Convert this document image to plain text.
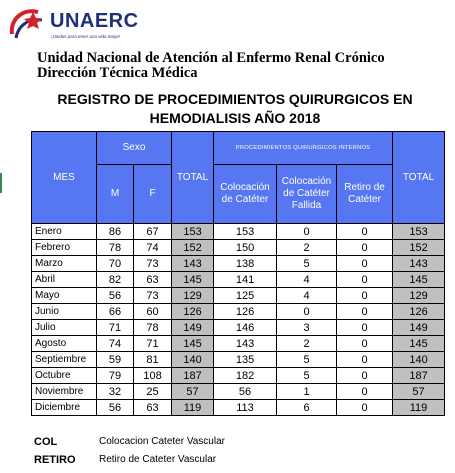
UNAERC
¡Unidos para tener una vida mejor!
Unidad Nacional de Atención al Enfermo Renal Crónico
Dirección Técnica Médica
REGISTRO DE PROCEDIMIENTOS QUIRURGICOS EN
HEMODIALISIS AÑO 2018
MES	Sexo		TOTAL	PROCEDIMIENTOS QUIRURGICOS INTERNOS			TOTAL
	M	F		Colocación de Catéter	Colocación de Catéter Fallida	Retiro de Catéter	
Enero	86	67	153	153	0	0	153
Febrero	78	74	152	150	2	0	152
Marzo	70	73	143	138	5	0	143
Abril	82	63	145	141	4	0	145
Mayo	56	73	129	125	4	0	129
Junio	66	60	126	126	0	0	126
Julio	71	78	149	146	3	0	149
Agosto	74	71	145	143	2	0	145
Septiembre	59	81	140	135	5	0	140
Octubre	79	108	187	182	5	0	187
Noviembre	32	25	57	56	1	0	57
Diciembre	56	63	119	113	6	0	119
COL	Colocacion Cateter Vascular
RETIRO Retiro de Cateter Vascular
